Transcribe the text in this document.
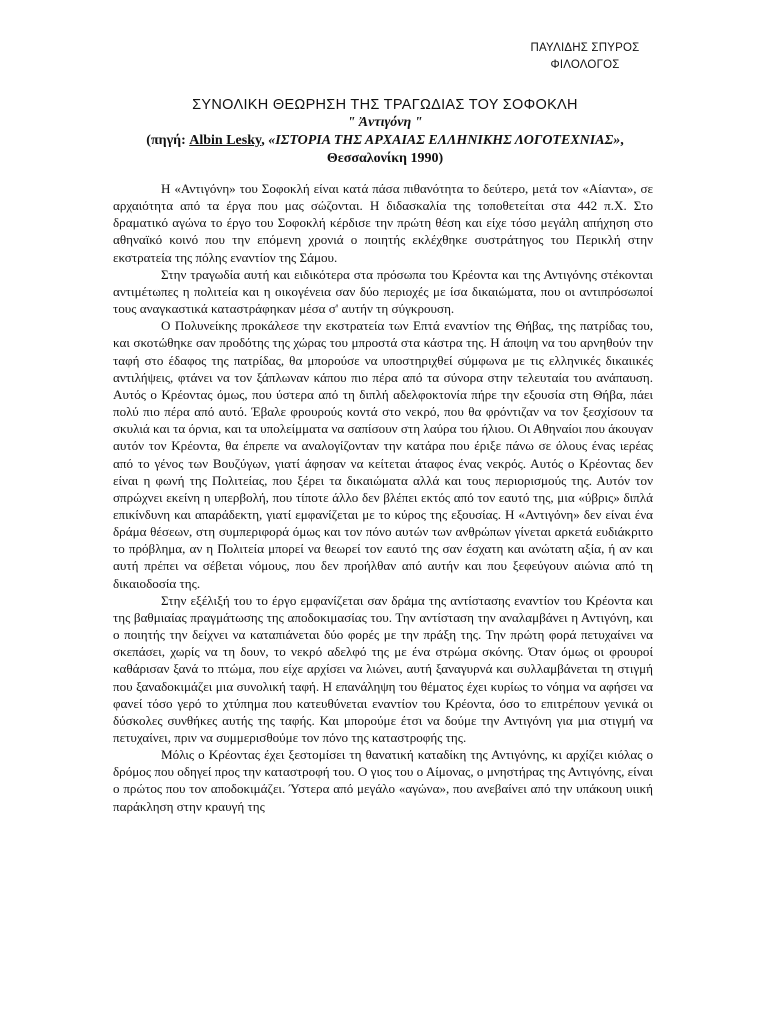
ΠΑΥΛΙΔΗΣ ΣΠΥΡΟΣ
ΦΙΛΟΛΟΓΟΣ
ΣΥΝΟΛΙΚΗ ΘΕΩΡΗΣΗ ΤΗΣ ΤΡΑΓΩΔΙΑΣ ΤΟΥ ΣΟΦΟΚΛΗ
" Ἀντιγόνη "
(πηγή: Albin Lesky, «ΙΣΤΟΡΙΑ ΤΗΣ ΑΡΧΑΙΑΣ ΕΛΛΗΝΙΚΗΣ ΛΟΓΟΤΕΧΝΙΑΣ»,
Θεσσαλονίκη 1990)

Η «Αντιγόνη» του Σοφοκλή είναι κατά πάσα πιθανότητα το δεύτερο, μετά τον «Αίαντα», σε αρχαιότητα από τα έργα που μας σώζονται. Η διδασκαλία της τοποθετείται στα 442 π.Χ. Στο δραματικό αγώνα το έργο του Σοφοκλή κέρδισε την πρώτη θέση και είχε τόσο μεγάλη απήχηση στο αθηναϊκό κοινό που την επόμενη χρονιά ο ποιητής εκλέχθηκε συστράτηγος του Περικλή στην εκστρατεία της πόλης εναντίον της Σάμου.

Στην τραγωδία αυτή και ειδικότερα στα πρόσωπα του Κρέοντα και της Αντιγόνης στέκονται αντιμέτωπες η πολιτεία και η οικογένεια σαν δύο περιοχές με ίσα δικαιώματα, που οι αντιπρόσωποί τους αναγκαστικά καταστράφηκαν μέσα σ' αυτήν τη σύγκρουση.

Ο Πολυνείκης προκάλεσε την εκστρατεία των Επτά εναντίον της Θήβας, της πατρίδας του, και σκοτώθηκε σαν προδότης της χώρας του μπροστά στα κάστρα της. Η άποψη να του αρνηθούν την ταφή στο έδαφος της πατρίδας, θα μπορούσε να υποστηριχθεί σύμφωνα με τις ελληνικές δικαιικές αντιλήψεις, φτάνει να τον ξάπλωναν κάπου πιο πέρα από τα σύνορα στην τελευταία του ανάπαυση. Αυτός ο Κρέοντας όμως, που ύστερα από τη διπλή αδελφοκτονία πήρε την εξουσία στη Θήβα, πάει πολύ πιο πέρα από αυτό. Έβαλε φρουρούς κοντά στο νεκρό, που θα φρόντιζαν να τον ξεσχίσουν τα σκυλιά και τα όρνια, και τα υπολείμματα να σαπίσουν στη λαύρα του ήλιου. Οι Αθηναίοι που άκουγαν αυτόν τον Κρέοντα, θα έπρεπε να αναλογίζονταν την κατάρα που έριξε πάνω σε όλους ένας ιερέας από το γένος των Βουζύγων, γιατί άφησαν να κείτεται άταφος ένας νεκρός. Αυτός ο Κρέοντας δεν είναι η φωνή της Πολιτείας, που ξέρει τα δικαιώματα αλλά και τους περιορισμούς της. Αυτόν τον σπρώχνει εκείνη η υπερβολή, που τίποτε άλλο δεν βλέπει εκτός από τον εαυτό της, μια «ύβρις» διπλά επικίνδυνη και απαράδεκτη, γιατί εμφανίζεται με το κύρος της εξουσίας. Η «Αντιγόνη» δεν είναι ένα δράμα θέσεων, στη συμπεριφορά όμως και τον πόνο αυτών των ανθρώπων γίνεται αρκετά ευδιάκριτο το πρόβλημα, αν η Πολιτεία μπορεί να θεωρεί τον εαυτό της σαν έσχατη και ανώτατη αξία, ή αν και αυτή πρέπει να σέβεται νόμους, που δεν προήλθαν από αυτήν και που ξεφεύγουν αιώνια από τη δικαιοδοσία της.

Στην εξέλιξή του το έργο εμφανίζεται σαν δράμα της αντίστασης εναντίον του Κρέοντα και της βαθμιαίας πραγμάτωσης της αποδοκιμασίας του. Την αντίσταση την αναλαμβάνει η Αντιγόνη, και ο ποιητής την δείχνει να καταπιάνεται δύο φορές με την πράξη της. Την πρώτη φορά πετυχαίνει να σκεπάσει, χωρίς να τη δουν, το νεκρό αδελφό της με ένα στρώμα σκόνης. Όταν όμως οι φρουροί καθάρισαν ξανά το πτώμα, που είχε αρχίσει να λιώνει, αυτή ξαναγυρνά και συλλαμβάνεται τη στιγμή που ξαναδοκιμάζει μια συνολική ταφή. Η επανάληψη του θέματος έχει κυρίως το νόημα να αφήσει να φανεί τόσο γερό το χτύπημα που κατευθύνεται εναντίον του Κρέοντα, όσο το επιτρέπουν γενικά οι δύσκολες συνθήκες αυτής της ταφής. Και μπορούμε έτσι να δούμε την Αντιγόνη για μια στιγμή να πετυχαίνει, πριν να συμμερισθούμε τον πόνο της καταστροφής της.

Μόλις ο Κρέοντας έχει ξεστομίσει τη θανατική καταδίκη της Αντιγόνης, κι αρχίζει κιόλας ο δρόμος που οδηγεί προς την καταστροφή του. Ο γιος του ο Αίμονας, ο μνηστήρας της Αντιγόνης, είναι ο πρώτος που τον αποδοκιμάζει. Ύστερα από μεγάλο «αγώνα», που ανεβαίνει από την υπάκουη υιική παράκληση στην κραυγή της
